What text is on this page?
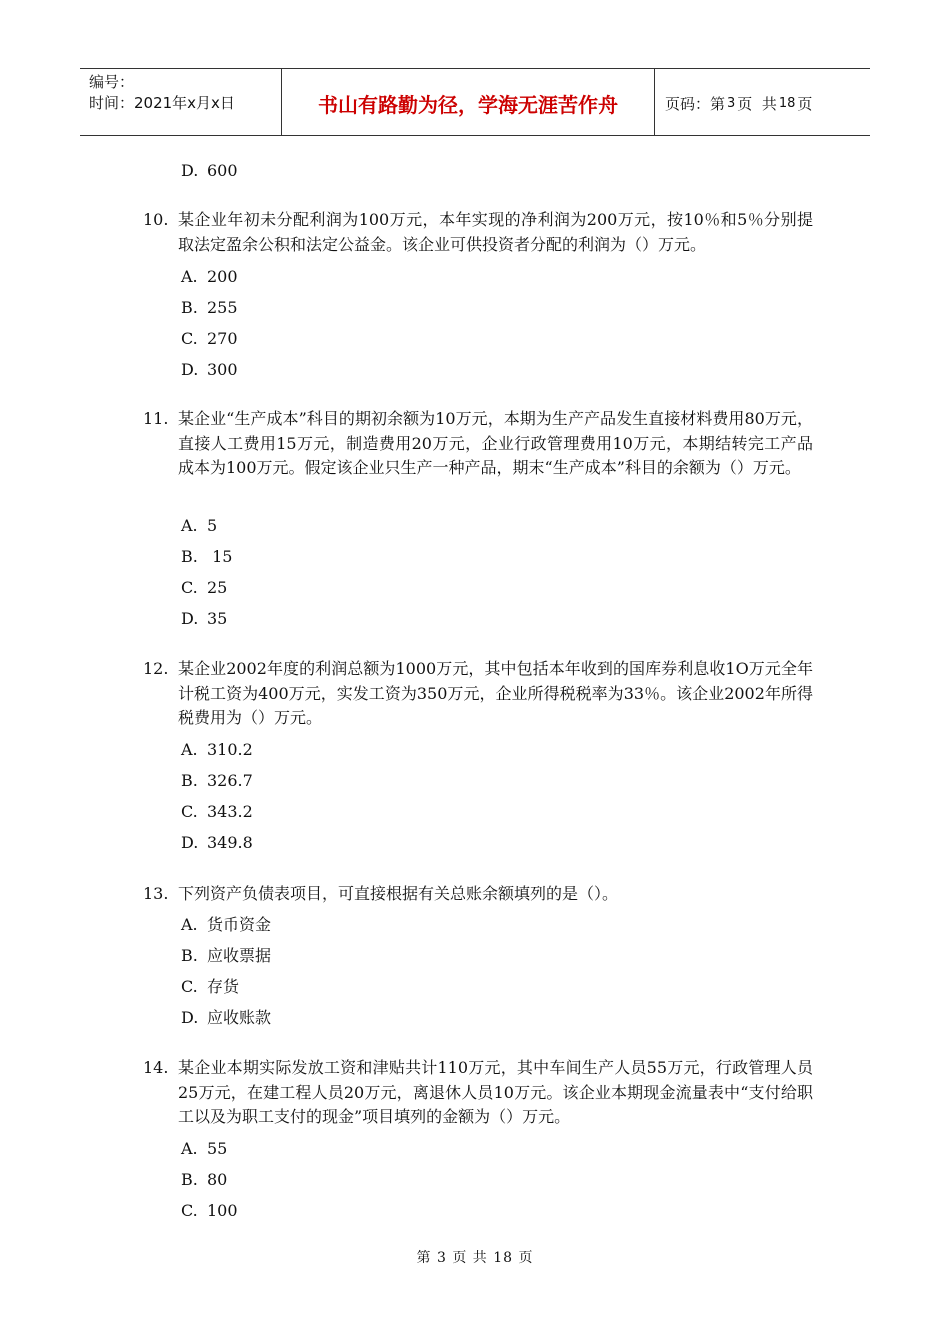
编号：
时间：2021年x月x日	书山有路勤为径，学海无涯苦作舟	页码：第 3 页  共 18 页
D. 600
10. 某企业年初未分配利润为100万元，本年实现的净利润为200万元，按10％和5％分别提取法定盈余公积和法定公益金。该企业可供投资者分配的利润为（）万元。
A. 200
B. 255
C. 270
D. 300
11. 某企业“生产成本”科目的期初余额为10万元，本期为生产产品发生直接材料费用80万元，直接人工费用15万元，制造费用20万元，企业行政管理费用10万元，本期结转完工产品成本为100万元。假定该企业只生产一种产品，期末“生产成本”科目的余额为（）万元。
A. 5
B. 15
C. 25
D. 35
12. 某企业2002年度的利润总额为1000万元，其中包括本年收到的国库券利息收1O万元全年计税工资为400万元，实发工资为350万元，企业所得税税率为33％。该企业2002年所得税费用为（）万元。
A. 310.2
B. 326.7
C. 343.2
D. 349.8
13. 下列资产负债表项目，可直接根据有关总账余额填列的是（）。
A. 货币资金
B. 应收票据
C. 存货
D. 应收账款
14. 某企业本期实际发放工资和津贴共计110万元，其中车间生产人员55万元，行政管理人员25万元，在建工程人员20万元，离退休人员10万元。该企业本期现金流量表中“支付给职工以及为职工支付的现金”项目填列的金额为（）万元。
A. 55
B. 80
C. 100
第 3 页 共 18 页
